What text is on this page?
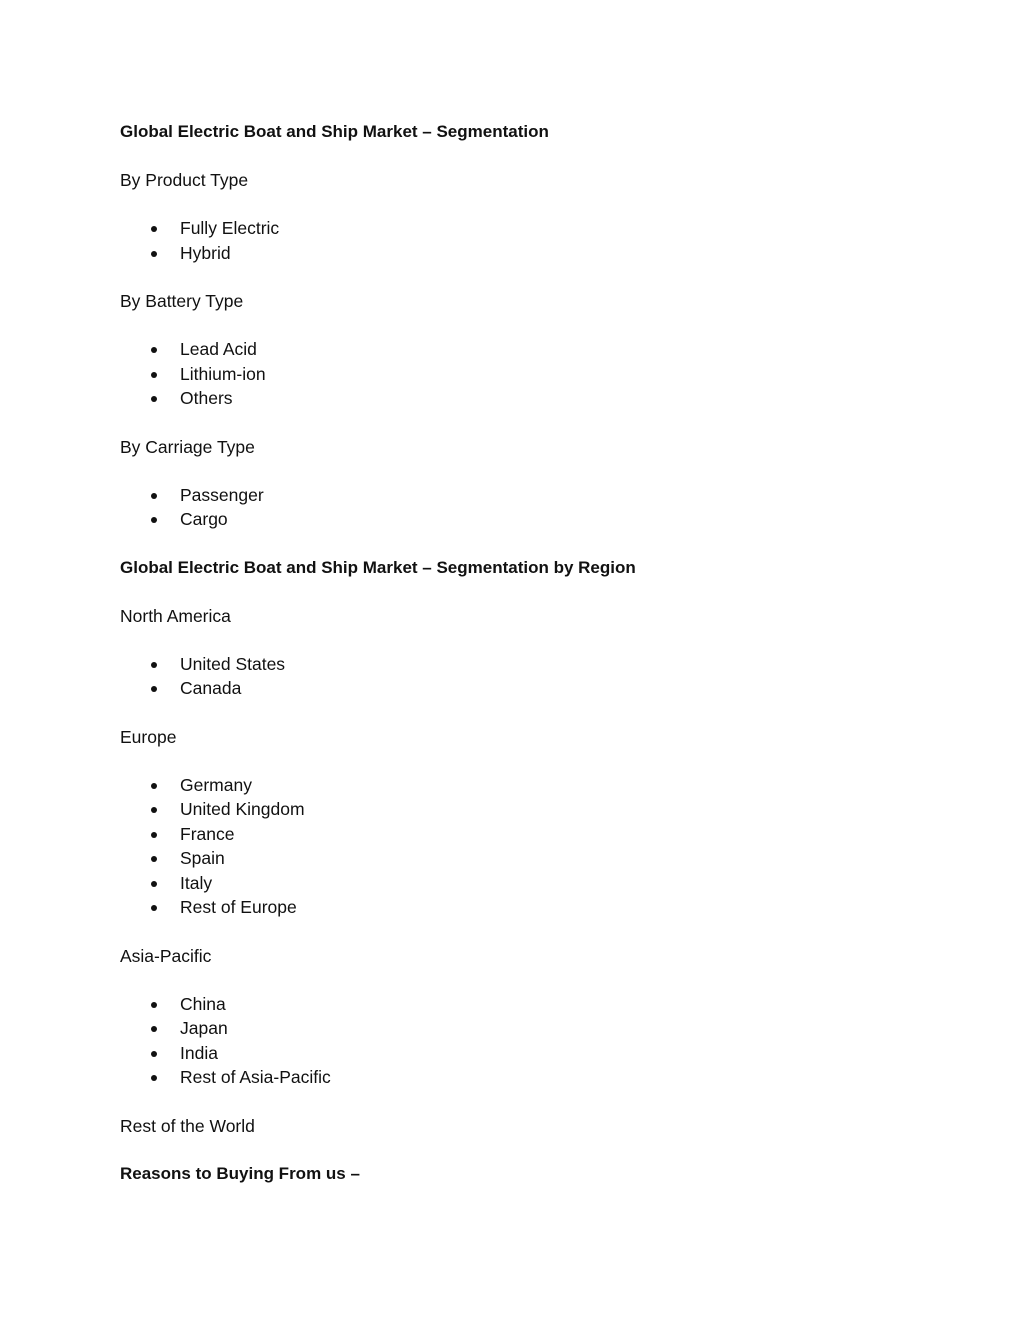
Global Electric Boat and Ship Market – Segmentation
By Product Type
Fully Electric
Hybrid
By Battery Type
Lead Acid
Lithium-ion
Others
By Carriage Type
Passenger
Cargo
Global Electric Boat and Ship Market – Segmentation by Region
North America
United States
Canada
Europe
Germany
United Kingdom
France
Spain
Italy
Rest of Europe
Asia-Pacific
China
Japan
India
Rest of Asia-Pacific
Rest of the World
Reasons to Buying From us –
